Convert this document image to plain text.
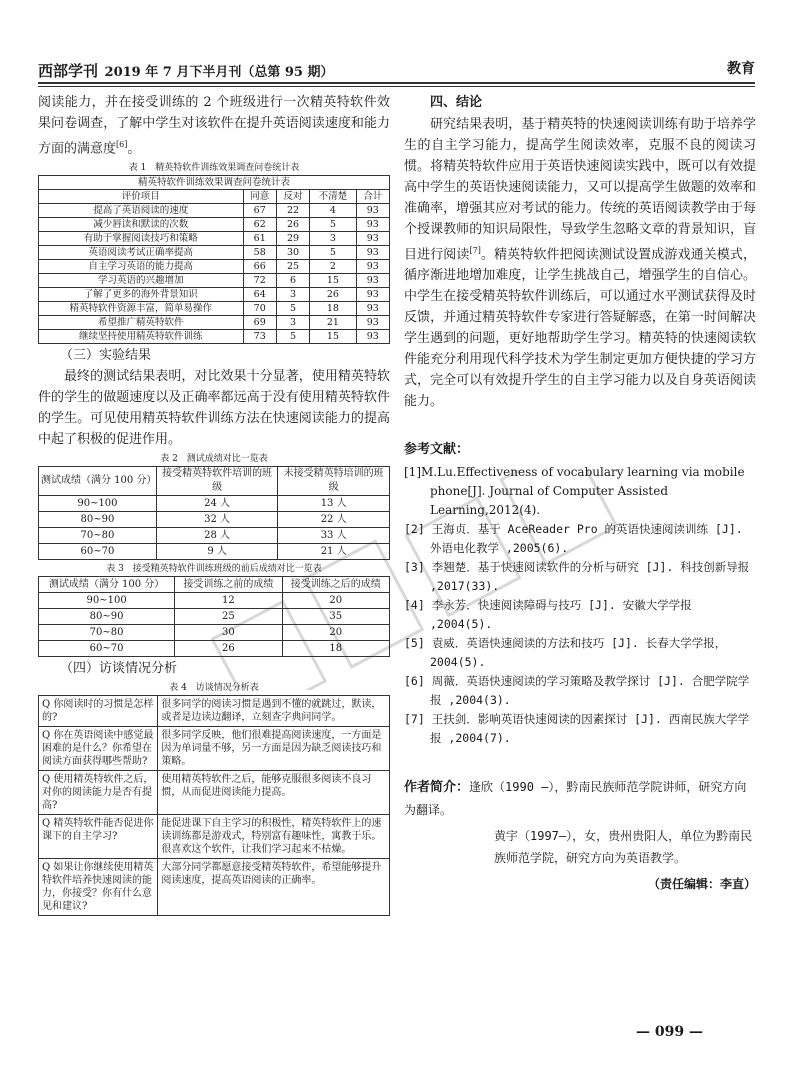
西部学刊 2019 年 7 月下半月刊（总第 95 期）	教育

阅读能力，并在接受训练的 2 个班级进行一次精英特软件效果问卷调查，了解中学生对该软件在提升英语阅读速度和能力方面的满意度[6]。

表 1　精英特软件训练效果调查问卷统计表

精英特软件训练效果调查问卷统计表				
评价项目	同意	反对	不清楚	合计
提高了英语阅读的速度	67	22	4	93
减少唇读和默读的次数	62	26	5	93
有助于掌握阅读技巧和策略	61	29	3	93
英语阅读考试正确率提高	58	30	5	93
自主学习英语的能力提高	66	25	2	93
学习英语的兴趣增加	72	6	15	93
了解了更多的海外背景知识	64	3	26	93
精英特软件资源丰富，简单易操作	70	5	18	93
希望推广精英特软件	69	3	21	93
继续坚持使用精英特软件训练	73	5	15	93

（三）实验结果

最终的测试结果表明，对比效果十分显著，使用精英特软件的学生的做题速度以及正确率都远高于没有使用精英特软件的学生。可见使用精英特软件训练方法在快速阅读能力的提高中起了积极的促进作用。

表 2　测试成绩对比一览表

测试成绩（满分 100 分）	接受精英特软件培训的班级	未接受精英特培训的班级
90~100	24 人	13 人
80~90	32 人	22 人
70~80	28 人	33 人
60~70	9 人	21 人

表 3　接受精英特软件训练班级的前后成绩对比一览表

测试成绩（满分 100 分）	接受训练之前的成绩	接受训练之后的成绩
90~100	12	20
80~90	25	35
70~80	30	20
60~70	26	18

（四）访谈情况分析

表 4　访谈情况分析表

Q 你阅读时的习惯是怎样的?	很多同学的阅读习惯是遇到不懂的就跳过，默读，或者是边读边翻译，立刻查字典问同学。
Q 你在英语阅读中感觉最困难的是什么？你希望在阅读方面获得哪些帮助?	很多同学反映，他们很难提高阅读速度，一方面是因为单词量不够，另一方面是因为缺乏阅读技巧和策略。
Q 使用精英特软件之后，对你的阅读能力是否有提高?	使用精英特软件之后，能够克服很多阅读不良习惯，从而促进阅读能力提高。
Q 精英特软件能否促进你课下的自主学习?	能促进课下自主学习的积极性，精英特软件上的速读训练都是游戏式，特别富有趣味性，寓教于乐。很喜欢这个软件，让我们学习起来不枯燥。
Q 如果让你继续使用精英特软件培养快速阅读的能力，你接受？你有什么意见和建议?	大部分同学都愿意接受精英特软件，希望能够提升阅读速度，提高英语阅读的正确率。

四、结论

研究结果表明，基于精英特的快速阅读训练有助于培养学生的自主学习能力，提高学生阅读效率，克服不良的阅读习惯。将精英特软件应用于英语快速阅读实践中，既可以有效提高中学生的英语快速阅读能力，又可以提高学生做题的效率和准确率，增强其应对考试的能力。传统的英语阅读教学由于每个授课教师的知识局限性，导致学生忽略文章的背景知识，盲目进行阅读[7]。精英特软件把阅读测试设置成游戏通关模式，循序渐进地增加难度，让学生挑战自己，增强学生的自信心。中学生在接受精英特软件训练后，可以通过水平测试获得及时反馈，并通过精英特软件专家进行答疑解惑，在第一时间解决学生遇到的问题，更好地帮助学生学习。精英特的快速阅读软件能充分利用现代科学技术为学生制定更加方便快捷的学习方式，完全可以有效提升学生的自主学习能力以及自身英语阅读能力。

参考文献：

[1]M.Lu.Effectiveness of vocabulary learning via mobile phone[J]. Journal of Computer Assisted Learning,2012(4).

[2] 王海贞．基于 AceReader Pro 的英语快速阅读训练 [J]. 外语电化教学 ,2005(6).

[3] 李翘楚．基于快速阅读软件的分析与研究 [J]. 科技创新导报 ,2017(33).

[4] 李永芳．快速阅读障碍与技巧 [J]. 安徽大学学报 ,2004(5).

[5] 袁威．英语快速阅读的方法和技巧 [J]. 长春大学学报，2004(5).

[6] 周薇．英语快速阅读的学习策略及教学探讨 [J]. 合肥学院学报 ,2004(3).

[7] 王扶剑．影响英语快速阅读的因素探讨 [J]. 西南民族大学学报 ,2004(7).

作者简介：逢欣（1990 —），黔南民族师范学院讲师，研究方向为翻译。

黄宇（1997—），女，贵州贵阳人，单位为黔南民族师范学院，研究方向为英语教学。

（责任编辑：李直）

— 099 —
